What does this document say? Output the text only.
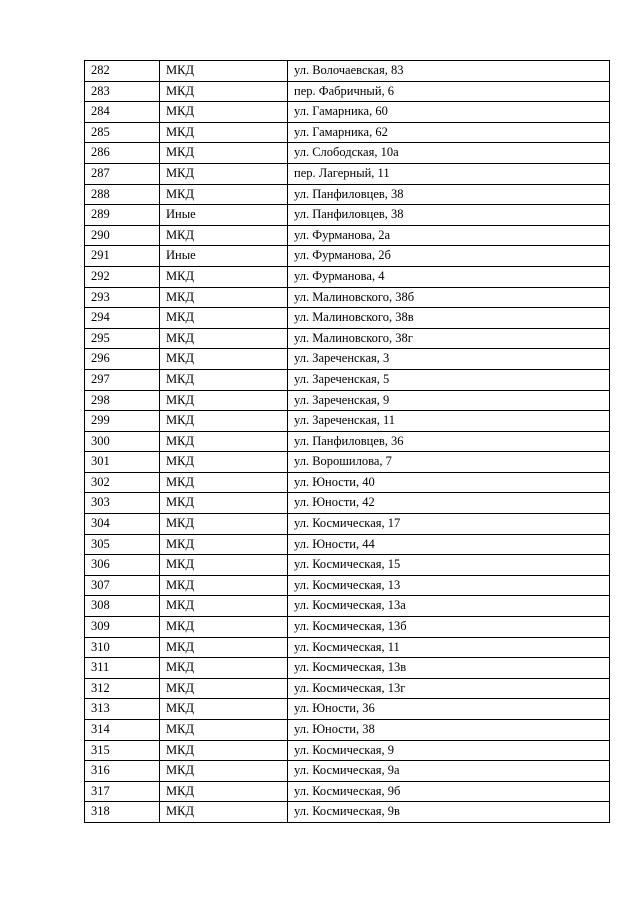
282	МКД	ул. Волочаевская, 83
283	МКД	пер. Фабричный, 6
284	МКД	ул. Гамарника, 60
285	МКД	ул. Гамарника, 62
286	МКД	ул. Слободская, 10а
287	МКД	пер. Лагерный, 11
288	МКД	ул. Панфиловцев, 38
289	Иные	ул. Панфиловцев, 38
290	МКД	ул. Фурманова, 2а
291	Иные	ул. Фурманова, 2б
292	МКД	ул. Фурманова, 4
293	МКД	ул. Малиновского, 38б
294	МКД	ул. Малиновского, 38в
295	МКД	ул. Малиновского, 38г
296	МКД	ул. Зареченская, 3
297	МКД	ул. Зареченская, 5
298	МКД	ул. Зареченская, 9
299	МКД	ул. Зареченская, 11
300	МКД	ул. Панфиловцев, 36
301	МКД	ул. Ворошилова, 7
302	МКД	ул. Юности, 40
303	МКД	ул. Юности, 42
304	МКД	ул. Космическая, 17
305	МКД	ул. Юности, 44
306	МКД	ул. Космическая, 15
307	МКД	ул. Космическая, 13
308	МКД	ул. Космическая, 13а
309	МКД	ул. Космическая, 13б
310	МКД	ул. Космическая, 11
311	МКД	ул. Космическая, 13в
312	МКД	ул. Космическая, 13г
313	МКД	ул. Юности, 36
314	МКД	ул. Юности, 38
315	МКД	ул. Космическая, 9
316	МКД	ул. Космическая, 9а
317	МКД	ул. Космическая, 9б
318	МКД	ул. Космическая, 9в
